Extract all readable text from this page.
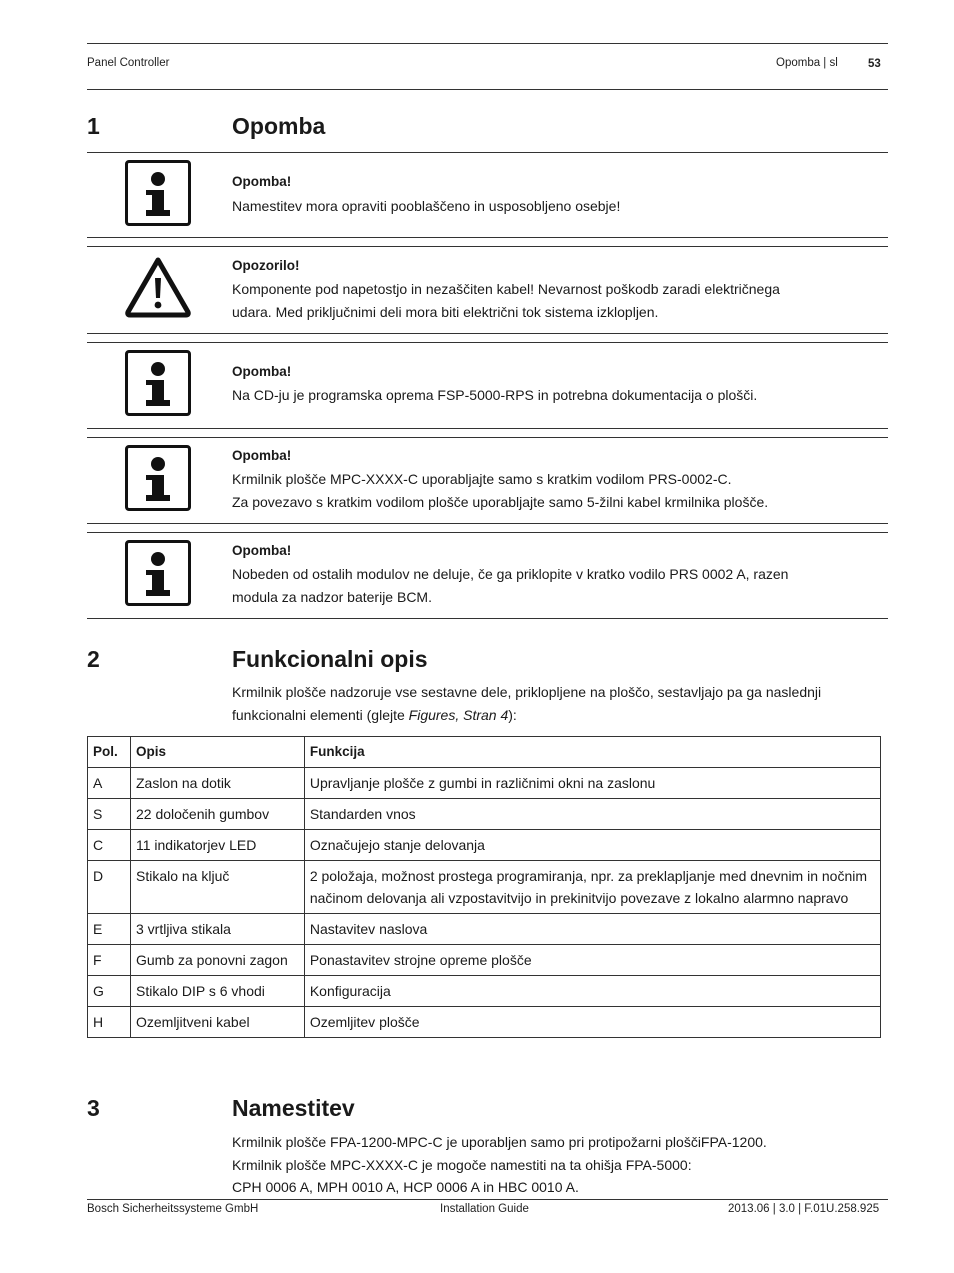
Panel Controller	Opomba | sl	53
1	Opomba
Opomba!
Namestitev mora opraviti pooblaščeno in usposobljeno osebje!
Opozorilo!
Komponente pod napetostjo in nezaščiten kabel! Nevarnost poškodb zaradi električnega
udara. Med priključnimi deli mora biti električni tok sistema izklopljen.
Opomba!
Na CD-ju je programska oprema FSP-5000-RPS in potrebna dokumentacija o plošči.
Opomba!
Krmilnik plošče MPC-XXXX-C uporabljajte samo s kratkim vodilom PRS-0002-C.
Za povezavo s kratkim vodilom plošče uporabljajte samo 5-žilni kabel krmilnika plošče.
Opomba!
Nobeden od ostalih modulov ne deluje, če ga priklopite v kratko vodilo PRS 0002 A, razen
modula za nadzor baterije BCM.
2	Funkcionalni opis
Krmilnik plošče nadzoruje vse sestavne dele, priklopljene na ploščo, sestavljajo pa ga naslednji
funkcionalni elementi (glejte Figures, Stran 4):
Pol.	Opis	Funkcija
A	Zaslon na dotik	Upravljanje plošče z gumbi in različnimi okni na zaslonu
S	22 določenih gumbov	Standarden vnos
C	11 indikatorjev LED	Označujejo stanje delovanja
D	Stikalo na ključ	2 položaja, možnost prostega programiranja, npr. za preklapljanje med dnevnim in nočnim načinom delovanja ali vzpostavitvijo in prekinitvijo povezave z lokalno alarmno napravo
E	3 vrtljiva stikala	Nastavitev naslova
F	Gumb za ponovni zagon	Ponastavitev strojne opreme plošče
G	Stikalo DIP s 6 vhodi	Konfiguracija
H	Ozemljitveni kabel	Ozemljitev plošče
3	Namestitev
Krmilnik plošče FPA-1200-MPC-C je uporabljen samo pri protipožarni ploščiFPA-1200.
Krmilnik plošče MPC-XXXX-C je mogoče namestiti na ta ohišja FPA-5000:
CPH 0006 A, MPH 0010 A, HCP 0006 A in HBC 0010 A.
Bosch Sicherheitssysteme GmbH	Installation Guide	2013.06 | 3.0 | F.01U.258.925
